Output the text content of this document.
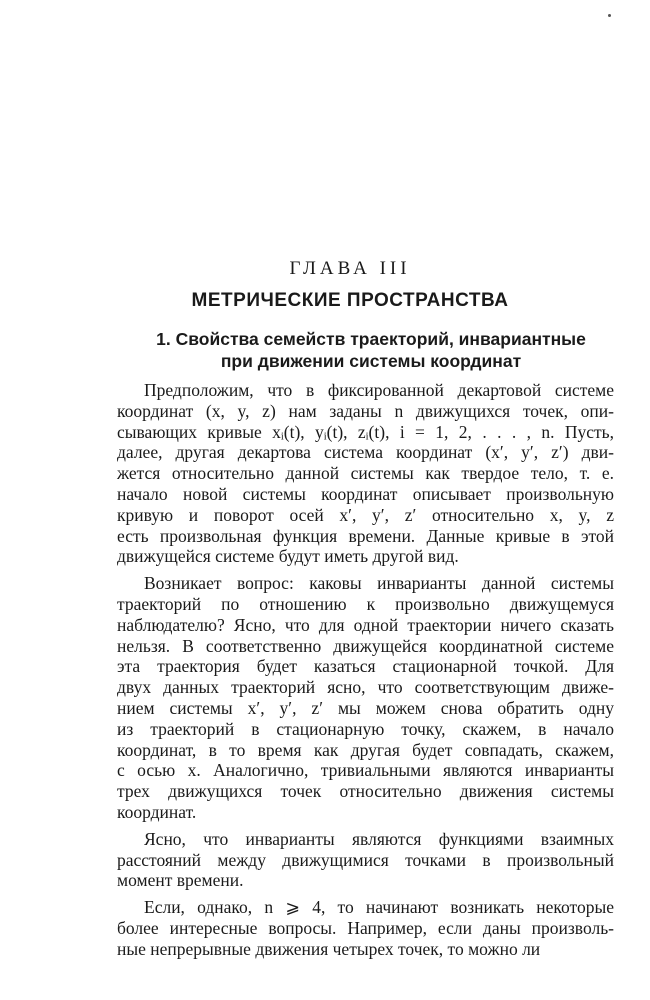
ГЛАВА III
МЕТРИЧЕСКИЕ ПРОСТРАНСТВА
1. Свойства семейств траекторий, инвариантные
при движении системы координат
Предположим, что в фиксированной декартовой системе
координат (x, y, z) нам заданы n движущихся точек, опи-
сывающих кривые xᵢ(t), yᵢ(t), zᵢ(t), i = 1, 2, . . . , n. Пусть,
далее, другая декартова система координат (x′, y′, z′) дви-
жется относительно данной системы как твердое тело, т. е.
начало новой системы координат описывает произвольную
кривую и поворот осей x′, y′, z′ относительно x, y, z
есть произвольная функция времени. Данные кривые в этой
движущейся системе будут иметь другой вид.
Возникает вопрос: каковы инварианты данной системы
траекторий по отношению к произвольно движущемуся
наблюдателю? Ясно, что для одной траектории ничего сказать
нельзя. В соответственно движущейся координатной системе
эта траектория будет казаться стационарной точкой. Для
двух данных траекторий ясно, что соответствующим движе-
нием системы x′, y′, z′ мы можем снова обратить одну
из траекторий в стационарную точку, скажем, в начало
координат, в то время как другая будет совпадать, скажем,
с осью x. Аналогично, тривиальными являются инварианты
трех движущихся точек относительно движения системы
координат.
Ясно, что инварианты являются функциями взаимных
расстояний между движущимися точками в произвольный
момент времени.
Если, однако, n ⩾ 4, то начинают возникать некоторые
более интересные вопросы. Например, если даны произволь-
ные непрерывные движения четырех точек, то можно ли
